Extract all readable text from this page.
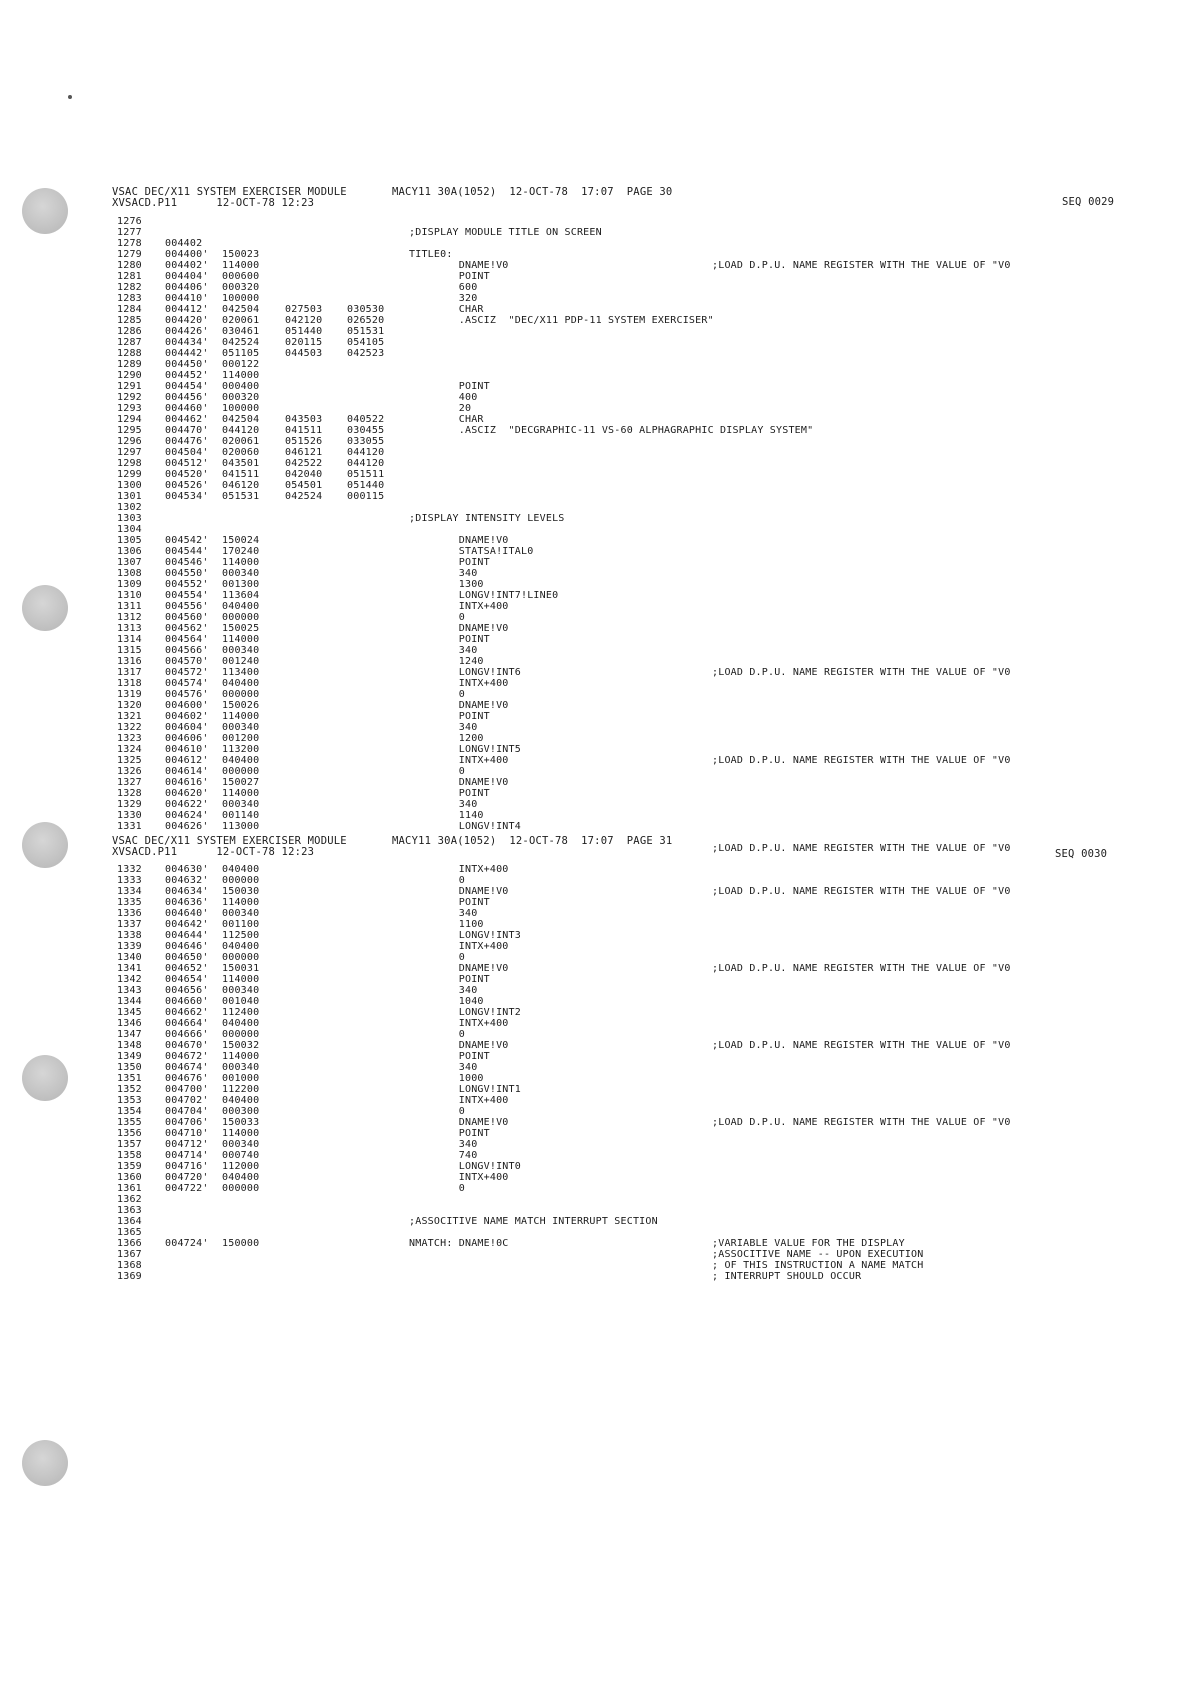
VSAC DEC/X11 SYSTEM EXERCISER MODULE
XVSACD.P11      12-OCT-78 12:23
MACY11 30A(1052)  12-OCT-78  17:07  PAGE 30
SEQ 0029
1276
1277
1278
1279
1280
1281
1282
1283
1284
1285
1286
1287
1288
1289
1290
1291
1292
1293
1294
1295
1296
1297
1298
1299
1300
1301
1302
1303
1304
1305
1306
1307
1308
1309
1310
1311
1312
1313
1314
1315
1316
1317
1318
1319
1320
1321
1322
1323
1324
1325
1326
1327
1328
1329
1330
1331

004402
004400'
004402'
004404'
004406'
004410'
004412'
004420'
004426'
004434'
004442'
004450'
004452'
004454'
004456'
004460'
004462'
004470'
004476'
004504'
004512'
004520'
004526'
004534'

004542'
004544'
004546'
004550'
004552'
004554'
004556'
004560'
004562'
004564'
004566'
004570'
004572'
004574'
004576'
004600'
004602'
004604'
004606'
004610'
004612'
004614'
004616'
004620'
004622'
004624'
004626'

150023
114000
000600
000320
100000
042504
020061
030461
042524
051105
000122
114000
000400
000320
100000
042504
044120
020061
020060
043501
041511
046120
051531

150024
170240
114000
000340
001300
113604
040400
000000
150025
114000
000340
001240
113400
040400
000000
150026
114000
000340
001200
113200
040400
000000
150027
114000
000340
001140
113000

027503
042120
051440
020115
044503

043503
041511
051526
046121
042522
042040
054501
042524

030530
026520
051531
054105
042523

040522
030455
033055
044120
044120
051511
051440
000115

;DISPLAY MODULE TITLE ON SCREEN

TITLE0:
DNAME!V0
POINT
600
320
CHAR
.ASCIZ  "DEC/X11 PDP-11 SYSTEM EXERCISER"

POINT
400
20
CHAR
.ASCIZ  "DECGRAPHIC-11 VS-60 ALPHAGRAPHIC DISPLAY SYSTEM"

;DISPLAY INTENSITY LEVELS

DNAME!V0
STATSA!ITAL0
POINT
340
1300
LONGV!INT7!LINE0
INTX+400
0
DNAME!V0
POINT
340
1240
LONGV!INT6
INTX+400
0
DNAME!V0
POINT
340
1200
LONGV!INT5
INTX+400
0
DNAME!V0
POINT
340
1140
LONGV!INT4

;LOAD D.P.U. NAME REGISTER WITH THE VALUE OF "V0

;LOAD D.P.U. NAME REGISTER WITH THE VALUE OF "V0

;LOAD D.P.U. NAME REGISTER WITH THE VALUE OF "V0

;LOAD D.P.U. NAME REGISTER WITH THE VALUE OF "V0
VSAC DEC/X11 SYSTEM EXERCISER MODULE
XVSACD.P11      12-OCT-78 12:23
MACY11 30A(1052)  12-OCT-78  17:07  PAGE 31
SEQ 0030
1332
1333
1334
1335
1336
1337
1338
1339
1340
1341
1342
1343
1344
1345
1346
1347
1348
1349
1350
1351
1352
1353
1354
1355
1356
1357
1358
1359
1360
1361
1362
1363
1364
1365
1366
1367
1368
1369
004630'
004632'
004634'
004636'
004640'
004642'
004644'
004646'
004650'
004652'
004654'
004656'
004660'
004662'
004664'
004666'
004670'
004672'
004674'
004676'
004700'
004702'
004704'
004706'
004710'
004712'
004714'
004716'
004720'
004722'

004724'
040400
000000
150030
114000
000340
001100
112500
040400
000000
150031
114000
000340
001040
112400
040400
000000
150032
114000
000340
001000
112200
040400
000300
150033
114000
000340
000740
112000
040400
000000

150000
INTX+400
0
DNAME!V0
POINT
340
1100
LONGV!INT3
INTX+400
0
DNAME!V0
POINT
340
1040
LONGV!INT2
INTX+400
0
DNAME!V0
POINT
340
1000
LONGV!INT1
INTX+400
0
DNAME!V0
POINT
340
740
LONGV!INT0
INTX+400
0

;ASSOCITIVE NAME MATCH INTERRUPT SECTION

NMATCH: DNAME!0C

;LOAD D.P.U. NAME REGISTER WITH THE VALUE OF "V0

;LOAD D.P.U. NAME REGISTER WITH THE VALUE OF "V0

;LOAD D.P.U. NAME REGISTER WITH THE VALUE OF "V0

;LOAD D.P.U. NAME REGISTER WITH THE VALUE OF "V0

;VARIABLE VALUE FOR THE DISPLAY
;ASSOCITIVE NAME -- UPON EXECUTION
; OF THIS INSTRUCTION A NAME MATCH
; INTERRUPT SHOULD OCCUR
